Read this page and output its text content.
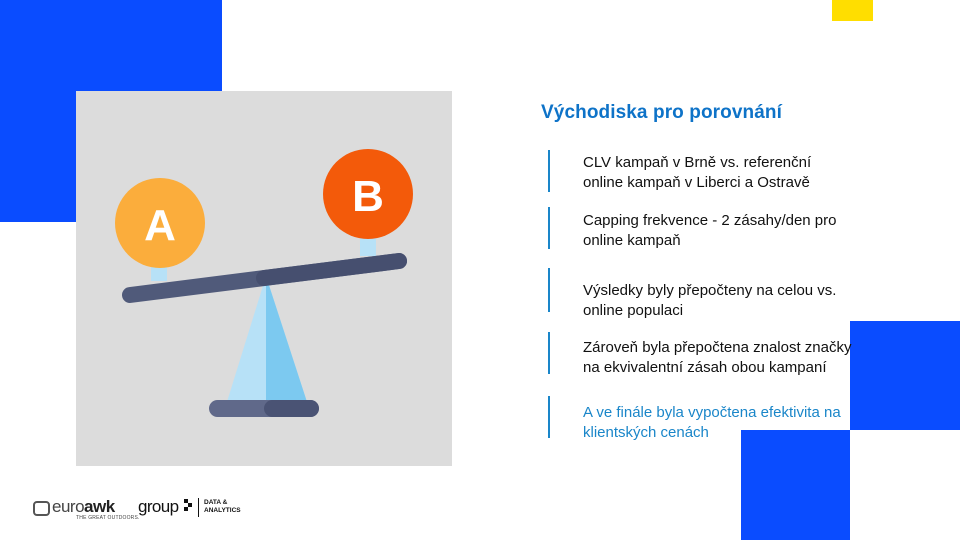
A
B
Východiska pro porovnání
CLV kampaň v Brně vs. referenční online kampaň v Liberci a Ostravě
Capping frekvence - 2 zásahy/den pro online kampaň
Výsledky byly přepočteny na celou vs. online populaci
Zároveň byla přepočtena znalost značky na ekvivalentní zásah obou kampaní
A ve finále byla vypočtena efektivita na klientských cenách
euroawk
THE GREAT OUTDOORS.
group	DATA &
ANALYTICS
